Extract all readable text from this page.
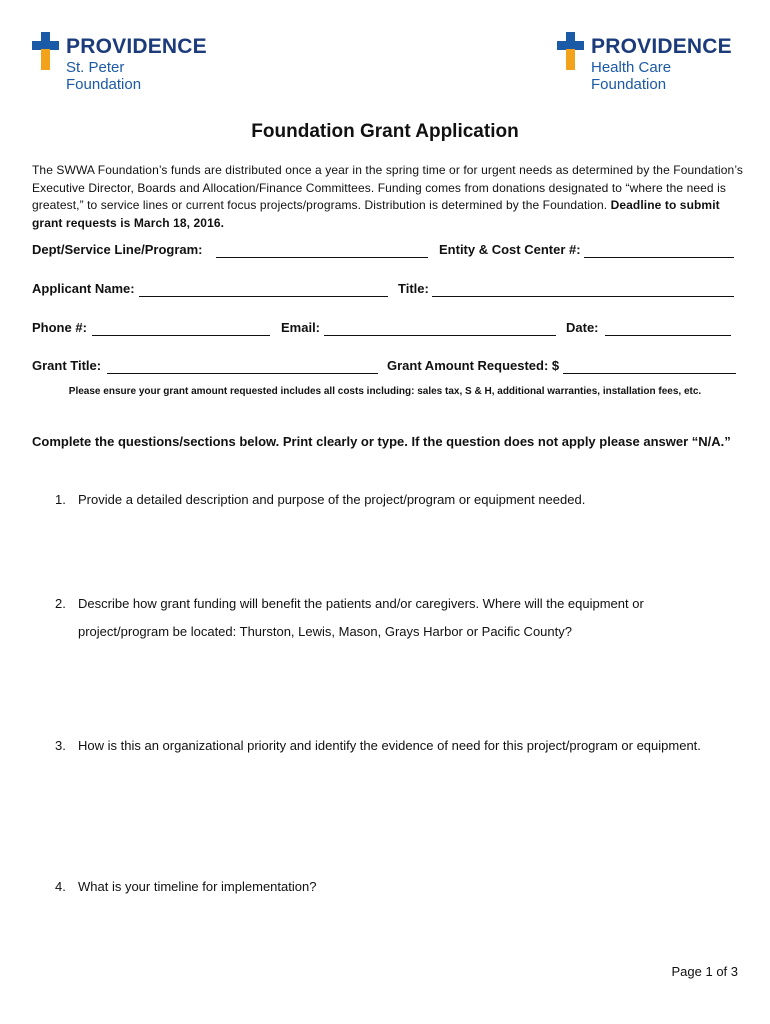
PROVIDENCE
St. Peter
Foundation
PROVIDENCE
Health Care
Foundation
Foundation Grant Application
The SWWA Foundation’s funds are distributed once a year in the spring time or for urgent needs as determined by the Foundation’s Executive Director, Boards and Allocation/Finance Committees. Funding comes from donations designated to “where the need is greatest,” to service lines or current focus projects/programs. Distribution is determined by the Foundation. Deadline to submit grant requests is March 18, 2016.
Dept/Service Line/Program:	Entity & Cost Center #:
Applicant Name:	Title:
Phone #:	Email:	Date:
Grant Title:	Grant Amount Requested: $
Please ensure your grant amount requested includes all costs including: sales tax, S & H, additional warranties, installation fees, etc.
Complete the questions/sections below. Print clearly or type. If the question does not apply please answer “N/A.”
1. Provide a detailed description and purpose of the project/program or equipment needed.
2. Describe how grant funding will benefit the patients and/or caregivers. Where will the equipment or project/program be located: Thurston, Lewis, Mason, Grays Harbor or Pacific County?
3. How is this an organizational priority and identify the evidence of need for this project/program or equipment.
4. What is your timeline for implementation?
Page 1 of 3
